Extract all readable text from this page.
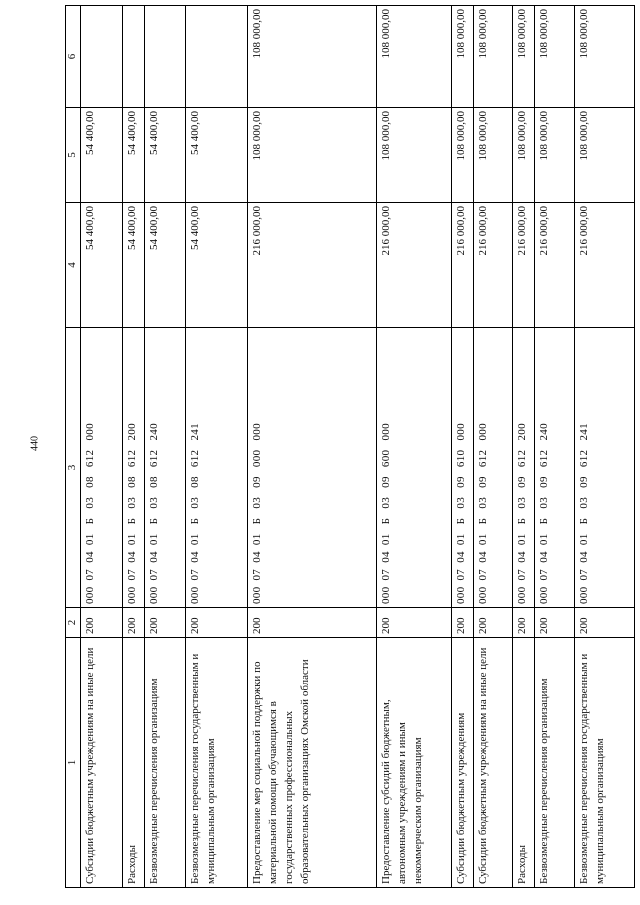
440
1	2	3	4	5	6
Субсидии бюджетным учреждениям на иные цели	200	000  07  04  01   Б   03   08   612   000	54 400,00	54 400,00	
Расходы	200	000  07  04  01   Б   03   08   612   200	54 400,00	54 400,00	
Безвозмездные перечисления организациям	200	000  07  04  01   Б   03   08   612   240	54 400,00	54 400,00	
Безвозмездные перечисления государственным и муниципальным организациям	200	000  07  04  01   Б   03   08   612   241	54 400,00	54 400,00	
Предоставление мер социальной поддержки по материальной помощи обучающимся в государственных профессиональных образовательных организациях Омской области	200	000  07  04  01   Б   03   09   000   000	216 000,00	108 000,00	108 000,00
Предоставление субсидий бюджетным, автономным учреждениям и иным некоммерческим организациям	200	000  07  04  01   Б   03   09   600   000	216 000,00	108 000,00	108 000,00
Субсидии бюджетным учреждениям	200	000  07  04  01   Б   03   09   610   000	216 000,00	108 000,00	108 000,00
Субсидии бюджетным учреждениям на иные цели	200	000  07  04  01   Б   03   09   612   000	216 000,00	108 000,00	108 000,00
Расходы	200	000  07  04  01   Б   03   09   612   200	216 000,00	108 000,00	108 000,00
Безвозмездные перечисления организациям	200	000  07  04  01   Б   03   09   612   240	216 000,00	108 000,00	108 000,00
Безвозмездные перечисления государственным и муниципальным организациям	200	000  07  04  01   Б   03   09   612   241	216 000,00	108 000,00	108 000,00
